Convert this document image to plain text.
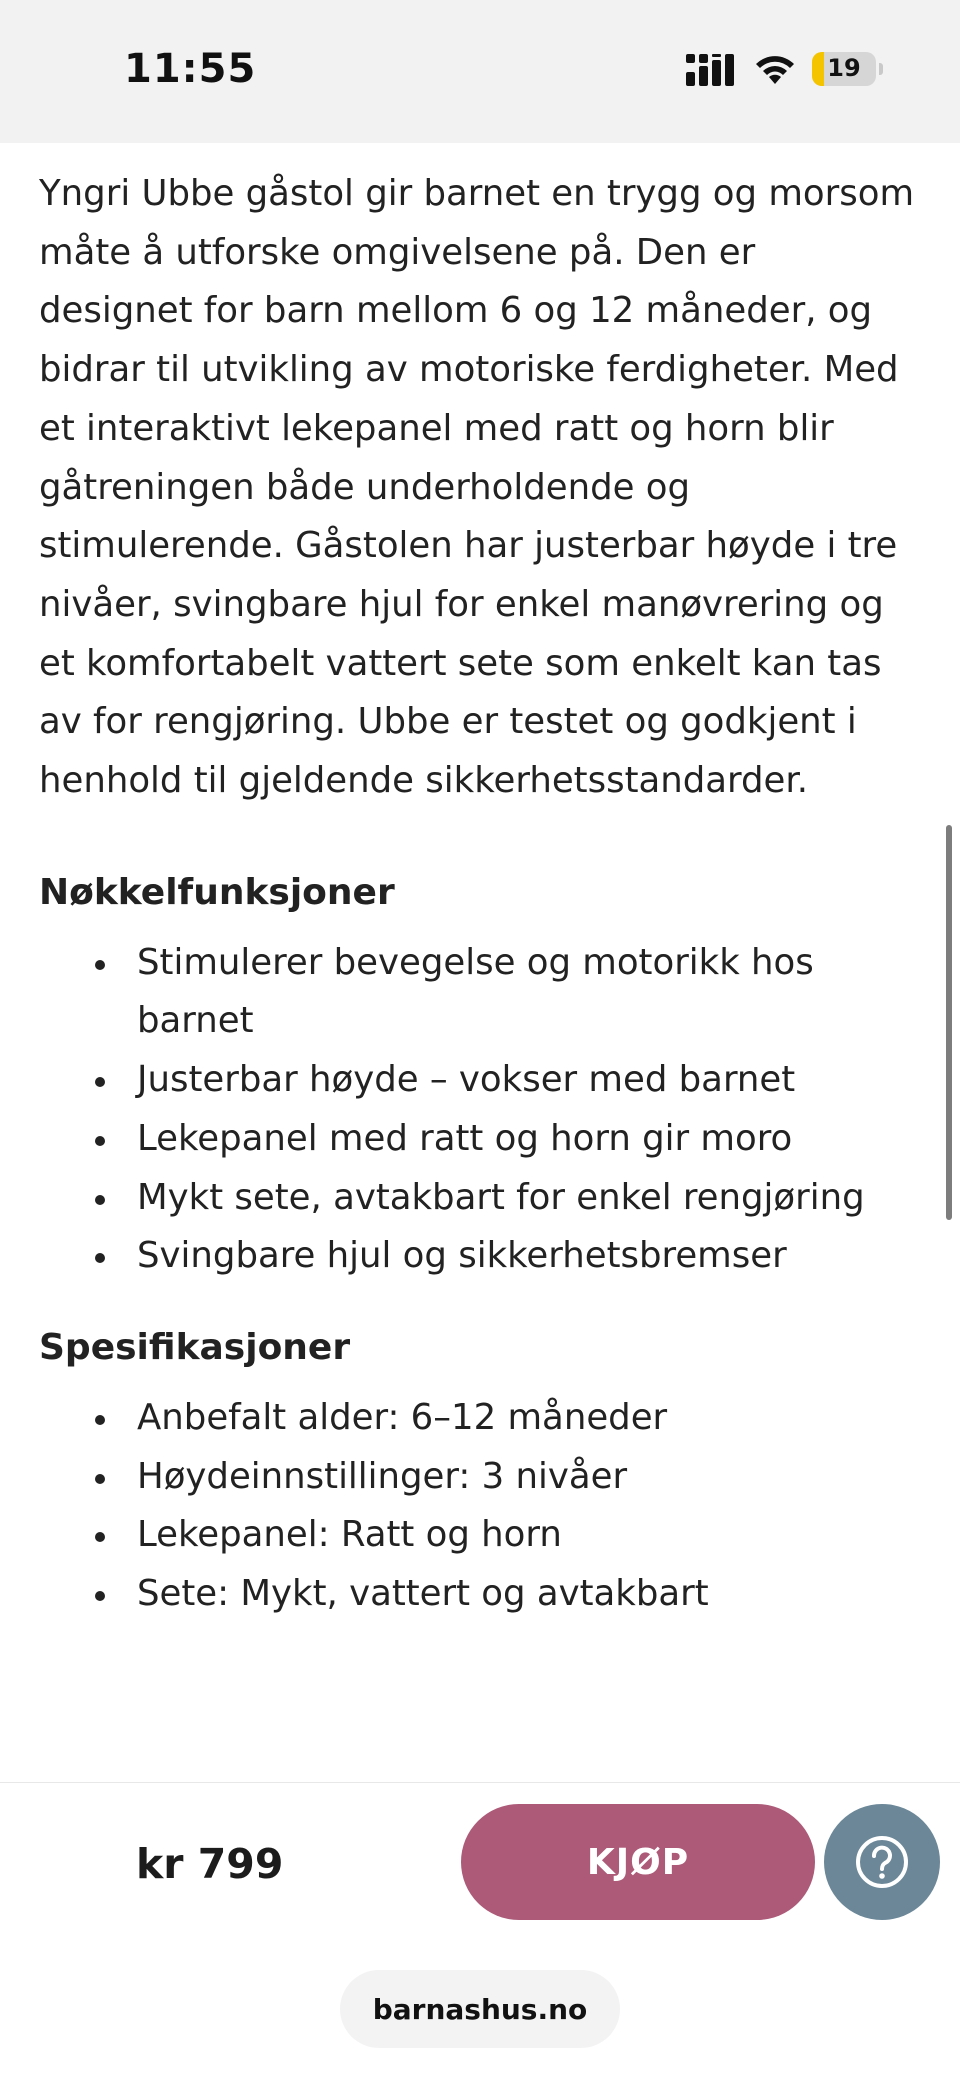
11:55	19

Yngri Ubbe gåstol gir barnet en trygg og morsom måte å utforske omgivelsene på. Den er designet for barn mellom 6 og 12 måneder, og bidrar til utvikling av motoriske ferdigheter. Med et interaktivt lekepanel med ratt og horn blir gåtreningen både underholdende og stimulerende. Gåstolen har justerbar høyde i tre nivåer, svingbare hjul for enkel manøvrering og et komfortabelt vattert sete som enkelt kan tas av for rengjøring. Ubbe er testet og godkjent i henhold til gjeldende sikkerhetsstandarder.

Nøkkelfunksjoner
Stimulerer bevegelse og motorikk hos barnet
Justerbar høyde – vokser med barnet
Lekepanel med ratt og horn gir moro
Mykt sete, avtakbart for enkel rengjøring
Svingbare hjul og sikkerhetsbremser
Spesifikasjoner
Anbefalt alder: 6–12 måneder
Høydeinnstillinger: 3 nivåer
Lekepanel: Ratt og horn
Sete: Mykt, vattert og avtakbart
kr 799	KJØP
barnashus.no
